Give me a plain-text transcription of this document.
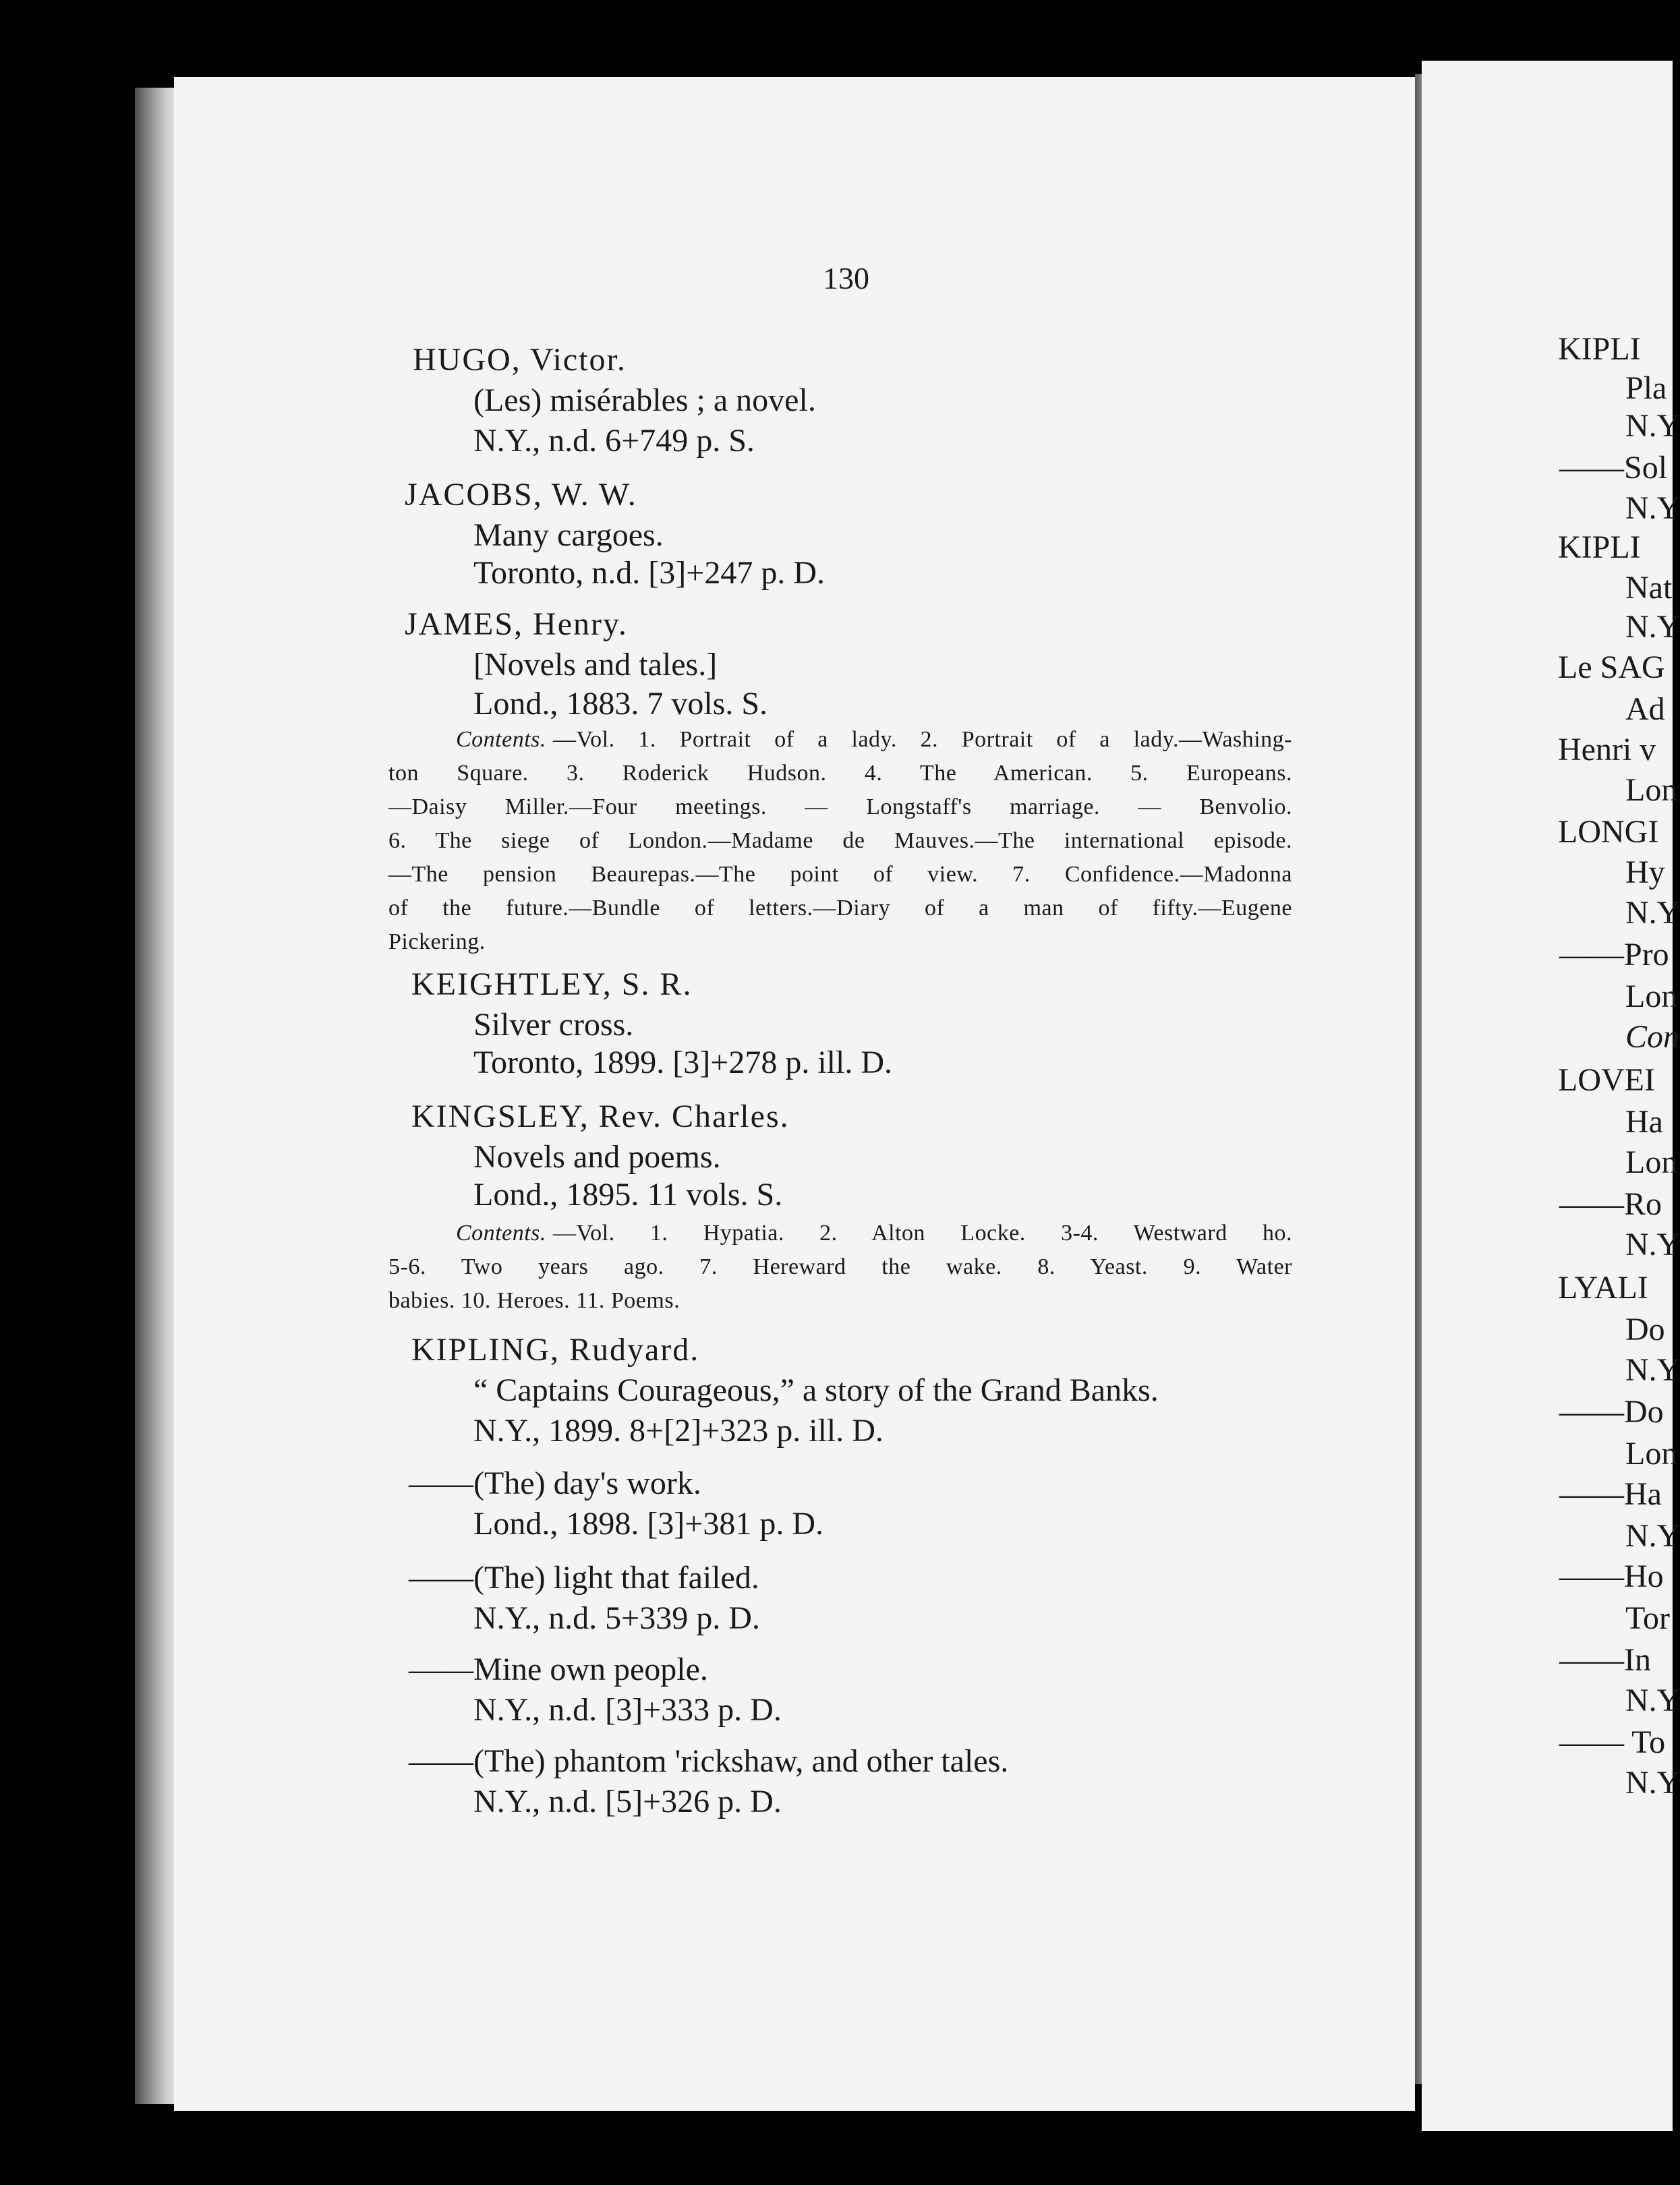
130
HUGO, Victor.
(Les) misérables ; a novel.
N.Y., n.d. 6+749 p. S.
JACOBS, W. W.
Many cargoes.
Toronto, n.d. [3]+247 p. D.
JAMES, Henry.
[Novels and tales.]
Lond., 1883. 7 vols. S.
Contents. —Vol. 1. Portrait of a lady. 2. Portrait of a lady.—Washing-
ton Square. 3. Roderick Hudson. 4. The American. 5. Europeans.
—Daisy Miller.—Four meetings. — Longstaff's marriage. — Benvolio.
6. The siege of London.—Madame de Mauves.—The international episode.
—The pension Beaurepas.—The point of view. 7. Confidence.—Madonna
of the future.—Bundle of letters.—Diary of a man of fifty.—Eugene
Pickering.
KEIGHTLEY, S. R.
Silver cross.
Toronto, 1899. [3]+278 p. ill. D.
KINGSLEY, Rev. Charles.
Novels and poems.
Lond., 1895. 11 vols. S.
Contents. —Vol. 1. Hypatia. 2. Alton Locke. 3-4. Westward ho.
5-6. Two years ago. 7. Hereward the wake. 8. Yeast. 9. Water
babies. 10. Heroes. 11. Poems.
KIPLING, Rudyard.
“ Captains Courageous,” a story of the Grand Banks.
N.Y., 1899. 8+[2]+323 p. ill. D.
——(The) day's work.
Lond., 1898. [3]+381 p. D.
——(The) light that failed.
N.Y., n.d. 5+339 p. D.
——Mine own people.
N.Y., n.d. [3]+333 p. D.
——(The) phantom 'rickshaw, and other tales.
N.Y., n.d. [5]+326 p. D.
KIPLI
Pla
N.Y
——Sol
N.Y
KIPLI
Nat
N.Y
Le SAG
Ad
Henri v
Lon
LONGI
Hy
N.Y
——Pro
Lon
Con
LOVEI
Ha
Lon
——Ro
N.Y
LYALI
Do
N.Y
——Do
Lon
——Ha
N.Y
——Ho
Tor
——In
N.Y
—— To
N.Y
